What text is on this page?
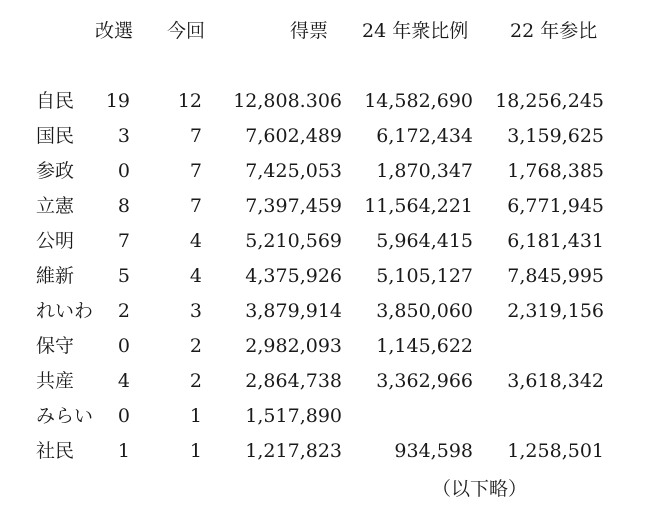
改選 今回	得票 24 年衆比例 22 年参比
自民 19	12 12,808.306 14,582,690 18,256,245
国民 3	7 7,602,489 6,172,434 3,159,625
参政 0	7 7,425,053 1,870,347 1,768,385
立憲 8	7 7,397,459 11,564,221 6,771,945
公明 7	4 5,210,569 5,964,415 6,181,431
維新 5	4 4,375,926 5,105,127 7,845,995
れいわ 2	3 3,879,914 3,850,060 2,319,156
保守 0	2 2,982,093 1,145,622
共産 4	2 2,864,738 3,362,966 3,618,342
みらい 0	1 1,517,890
社民 1	1 1,217,823	934,598 1,258,501
（以下略）
